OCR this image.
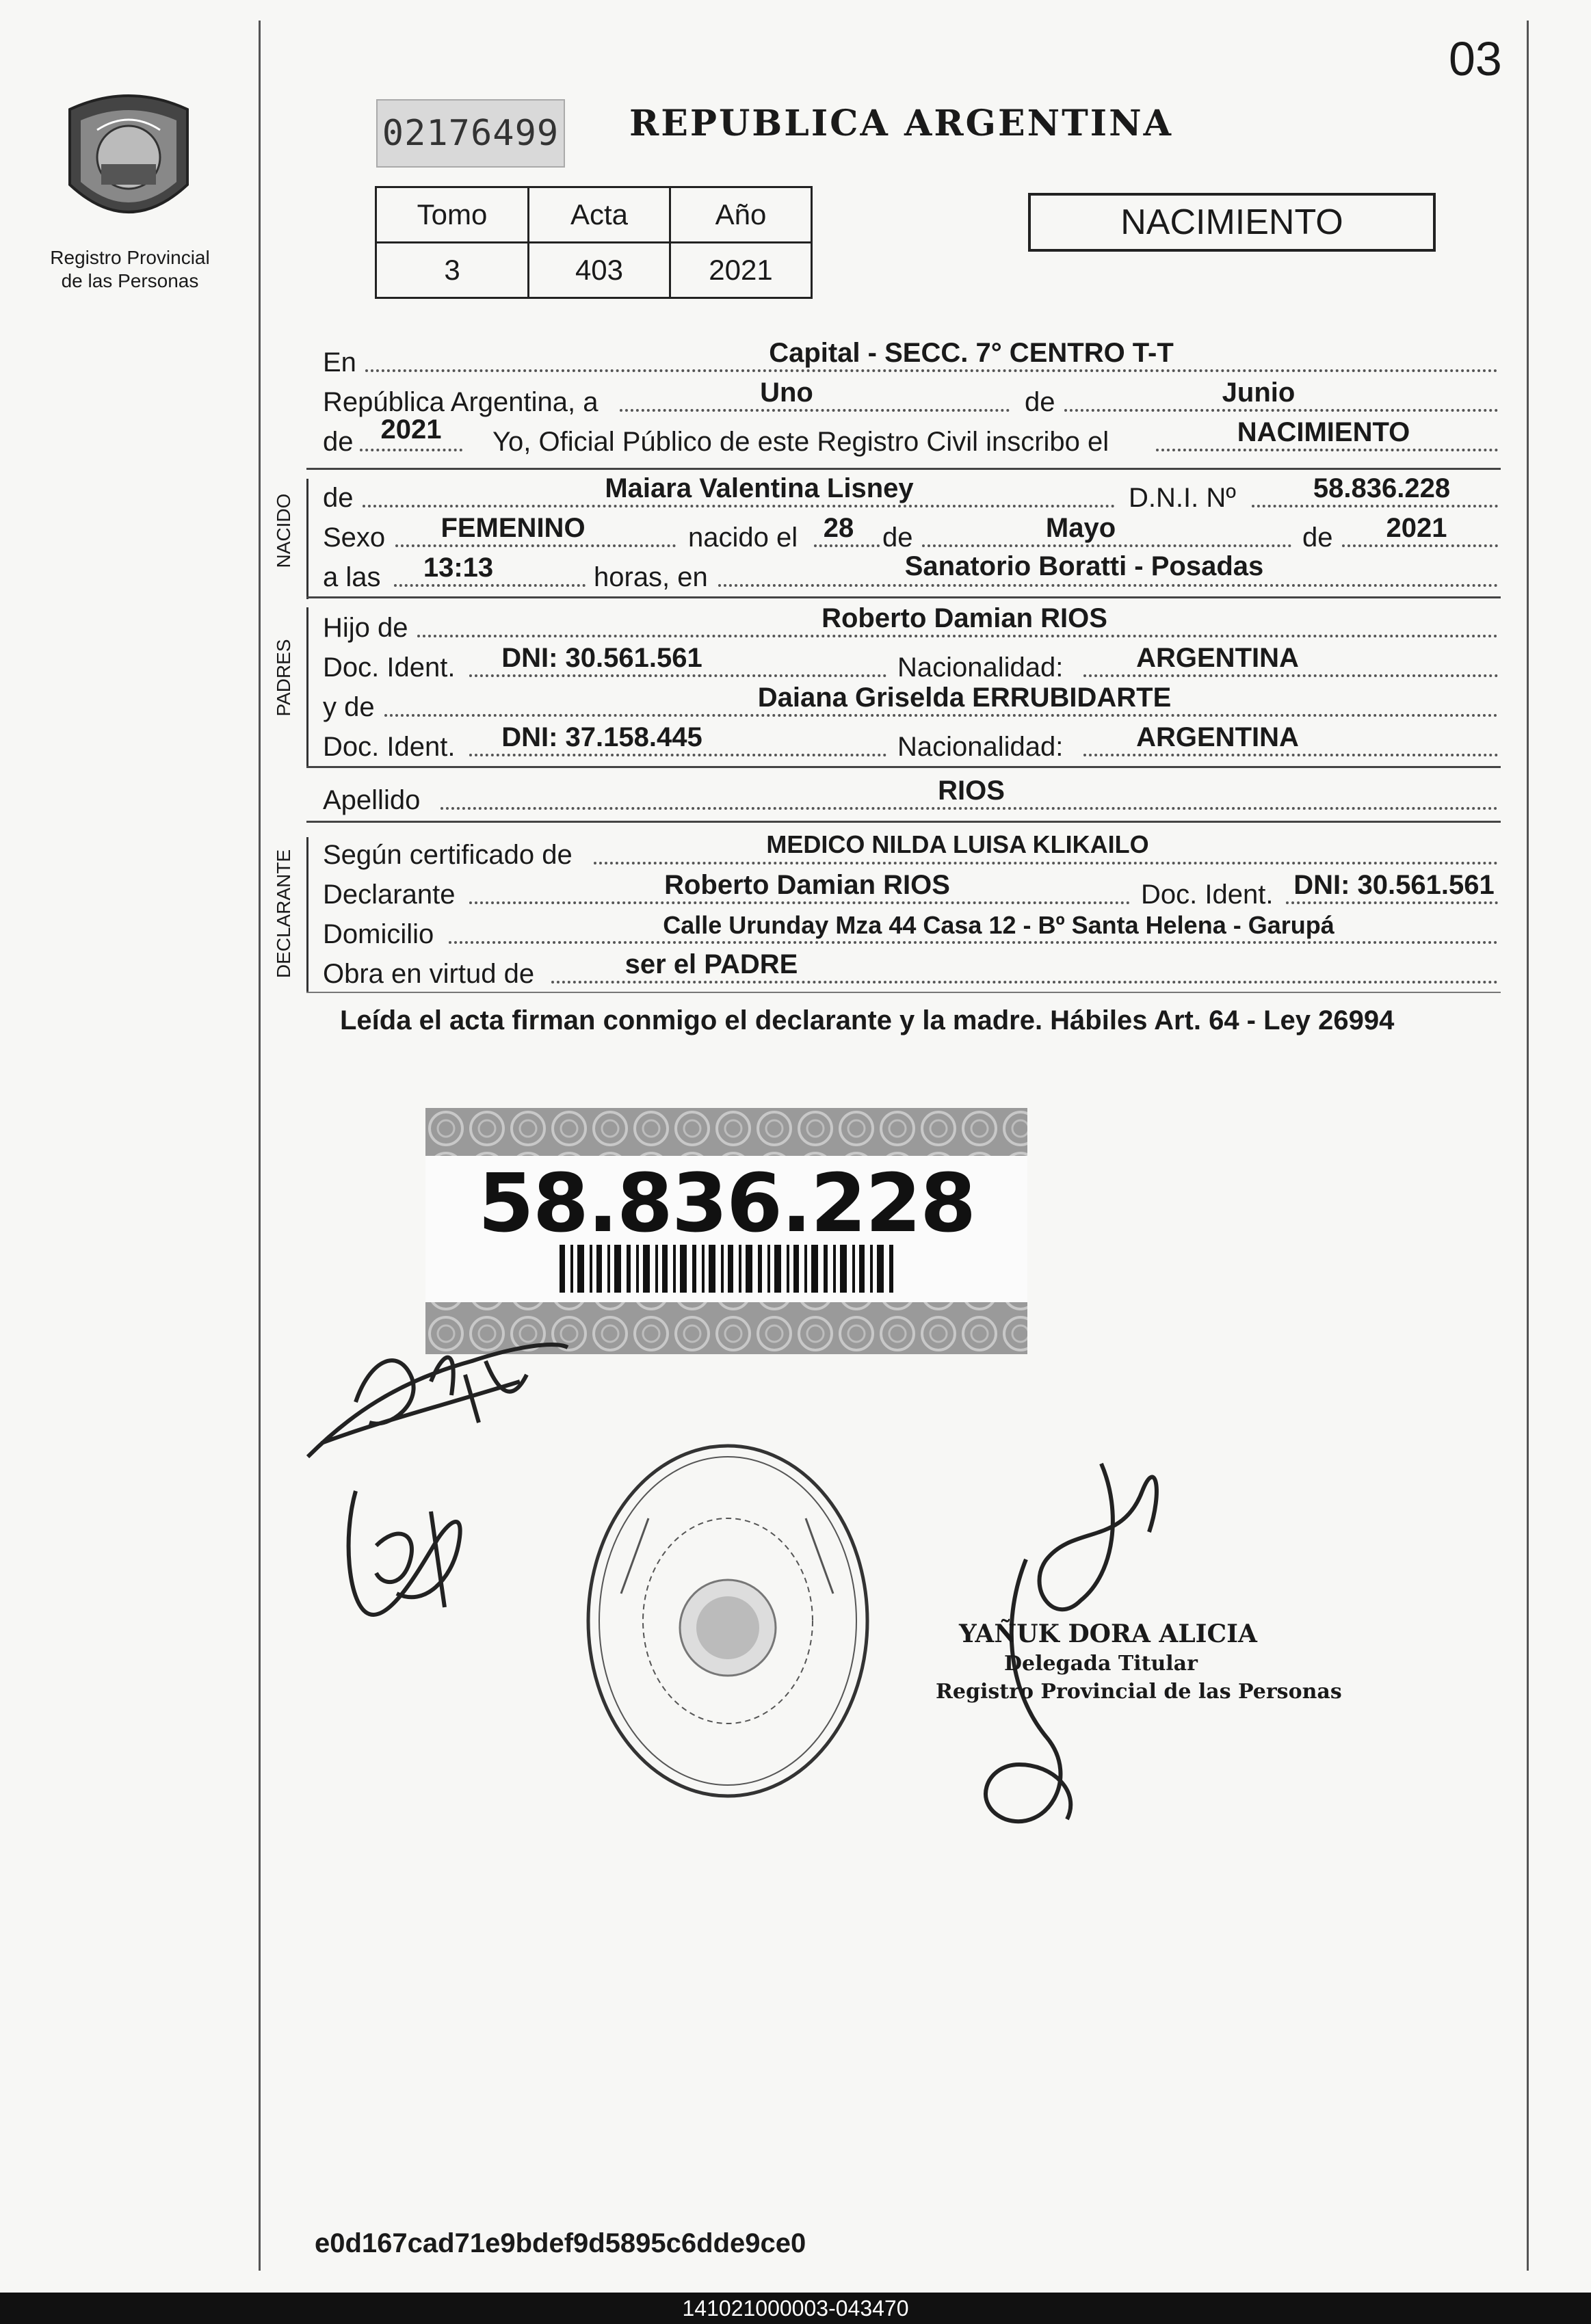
03
Registro Provincial
de las Personas
02176499 REPUBLICA ARGENTINA
Tomo	Acta	Año
3	403	2021
NACIMIENTO
En	Capital - SECC. 7° CENTRO T-T
República Argentina, a	Uno	de	Junio
de	2021	Yo, Oficial Público de este Registro Civil inscribo el	NACIMIENTO
NACIDO de	Maiara Valentina Lisney	D.N.I. Nº	58.836.228
Sexo	FEMENINO	nacido el 28 de	Mayo	de	2021
a las	13:13	horas, en	Sanatorio Boratti - Posadas
PADRES
Hijo de	Roberto Damian RIOS
Doc. Ident.	DNI: 30.561.561	Nacionalidad:	ARGENTINA
y de	Daiana Griselda ERRUBIDARTE
Doc. Ident.	DNI: 37.158.445	Nacionalidad:	ARGENTINA
Apellido	RIOS
DECLARANTE Según certificado de	MEDICO NILDA LUISA KLIKAILO
Declarante	Roberto Damian RIOS	Doc. Ident. DNI: 30.561.561
Domicilio	Calle Urunday Mza 44 Casa 12 - Bº Santa Helena - Garupá
Obra en virtud de	ser el PADRE
Leída el acta firman conmigo el declarante y la madre. Hábiles Art. 64 - Ley 26994
58.836.228
YAÑUK DORA ALICIA
Delegada Titular
Registro Provincial de las Personas
e0d167cad71e9bdef9d5895c6dde9ce0
141021000003-043470
